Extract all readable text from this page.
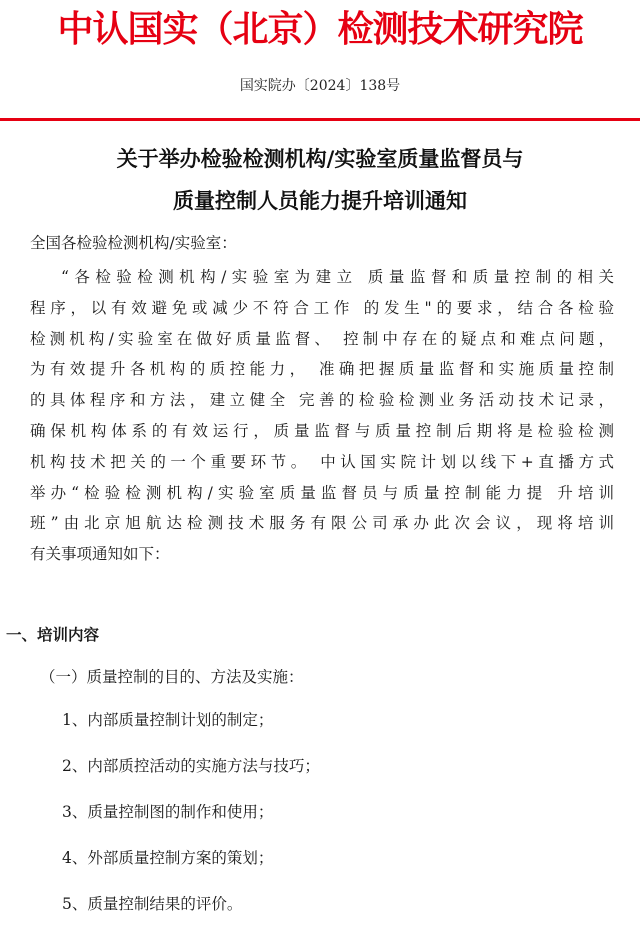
中认国实（北京）检测技术研究院
国实院办〔2024〕138号
关于举办检验检测机构/实验室质量监督员与
质量控制人员能力提升培训通知
全国各检验检测机构/实验室：
“各检验检测机构/实验室为建立 质量监督和质量控制的相关
程序，以有效避免或减少不符合工作 的发生"的要求，结合各检验
检测机构/实验室在做好质量监督、 控制中存在的疑点和难点问题，
为有效提升各机构的质控能力， 准确把握质量监督和实施质量控制
的具体程序和方法，建立健全 完善的检验检测业务活动技术记录，
确保机构体系的有效运行，质量监督与质量控制后期将是检验检测
机构技术把关的一个重要环节。 中认国实院计划以线下+直播方式
举办“检验检测机构/实验室质量监督员与质量控制能力提 升培训
班”由北京旭航达检测技术服务有限公司承办此次会议，现将培训
有关事项通知如下：
一、培训内容
（一）质量控制的目的、方法及实施：
1、内部质量控制计划的制定；
2、内部质控活动的实施方法与技巧；
3、质量控制图的制作和使用；
4、外部质量控制方案的策划；
5、质量控制结果的评价。
